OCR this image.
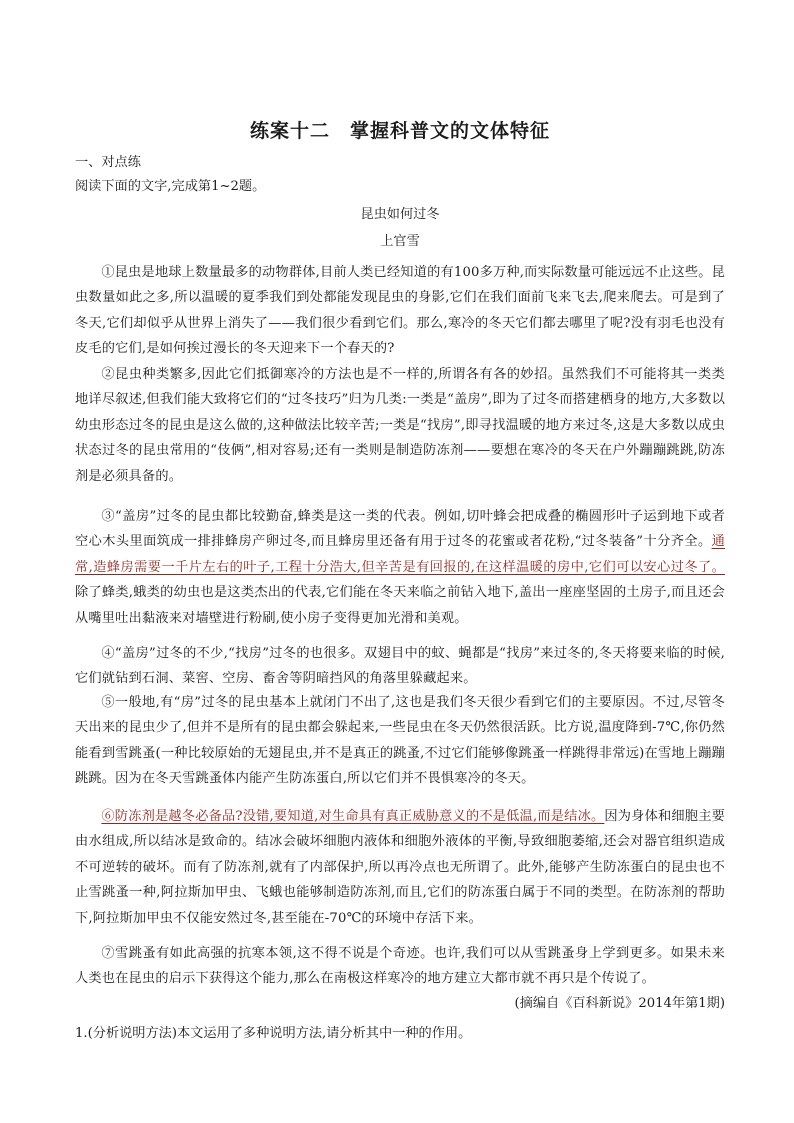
练案十二　掌握科普文的文体特征

一、对点练

阅读下面的文字,完成第1~2题。

昆虫如何过冬

上官雪

①昆虫是地球上数量最多的动物群体,目前人类已经知道的有100多万种,而实际数量可能远远不止这些。昆虫数量如此之多,所以温暖的夏季我们到处都能发现昆虫的身影,它们在我们面前飞来飞去,爬来爬去。可是到了冬天,它们却似乎从世界上消失了——我们很少看到它们。那么,寒冷的冬天它们都去哪里了呢?没有羽毛也没有皮毛的它们,是如何挨过漫长的冬天迎来下一个春天的?

②昆虫种类繁多,因此它们抵御寒冷的方法也是不一样的,所谓各有各的妙招。虽然我们不可能将其一类类地详尽叙述,但我们能大致将它们的“过冬技巧”归为几类:一类是“盖房”,即为了过冬而搭建栖身的地方,大多数以幼虫形态过冬的昆虫是这么做的,这种做法比较辛苦;一类是“找房”,即寻找温暖的地方来过冬,这是大多数以成虫状态过冬的昆虫常用的“伎俩”,相对容易;还有一类则是制造防冻剂——要想在寒冷的冬天在户外蹦蹦跳跳,防冻剂是必须具备的。

③“盖房”过冬的昆虫都比较勤奋,蜂类是这一类的代表。例如,切叶蜂会把成叠的椭圆形叶子运到地下或者空心木头里面筑成一排排蜂房产卵过冬,而且蜂房里还备有用于过冬的花蜜或者花粉,“过冬装备”十分齐全。通常,造蜂房需要一千片左右的叶子,工程十分浩大,但辛苦是有回报的,在这样温暖的房中,它们可以安心过冬了。除了蜂类,蛾类的幼虫也是这类杰出的代表,它们能在冬天来临之前钻入地下,盖出一座座坚固的土房子,而且还会从嘴里吐出黏液来对墙壁进行粉刷,使小房子变得更加光滑和美观。

④“盖房”过冬的不少,“找房”过冬的也很多。双翅目中的蚊、蝇都是“找房”来过冬的,冬天将要来临的时候,它们就钻到石洞、菜窖、空房、畜舍等阴暗挡风的角落里躲藏起来。

⑤一般地,有“房”过冬的昆虫基本上就闭门不出了,这也是我们冬天很少看到它们的主要原因。不过,尽管冬天出来的昆虫少了,但并不是所有的昆虫都会躲起来,一些昆虫在冬天仍然很活跃。比方说,温度降到-7℃,你仍然能看到雪跳蚤(一种比较原始的无翅昆虫,并不是真正的跳蚤,不过它们能够像跳蚤一样跳得非常远)在雪地上蹦蹦跳跳。因为在冬天雪跳蚤体内能产生防冻蛋白,所以它们并不畏惧寒冷的冬天。

⑥防冻剂是越冬必备品?没错,要知道,对生命具有真正威胁意义的不是低温,而是结冰。因为身体和细胞主要由水组成,所以结冰是致命的。结冰会破坏细胞内液体和细胞外液体的平衡,导致细胞萎缩,还会对器官组织造成不可逆转的破坏。而有了防冻剂,就有了内部保护,所以再冷点也无所谓了。此外,能够产生防冻蛋白的昆虫也不止雪跳蚤一种,阿拉斯加甲虫、飞蛾也能够制造防冻剂,而且,它们的防冻蛋白属于不同的类型。在防冻剂的帮助下,阿拉斯加甲虫不仅能安然过冬,甚至能在-70℃的环境中存活下来。

⑦雪跳蚤有如此高强的抗寒本领,这不得不说是个奇迹。也许,我们可以从雪跳蚤身上学到更多。如果未来人类也在昆虫的启示下获得这个能力,那么在南极这样寒冷的地方建立大都市就不再只是个传说了。

(摘编自《百科新说》2014年第1期)

1.(分析说明方法)本文运用了多种说明方法,请分析其中一种的作用。
